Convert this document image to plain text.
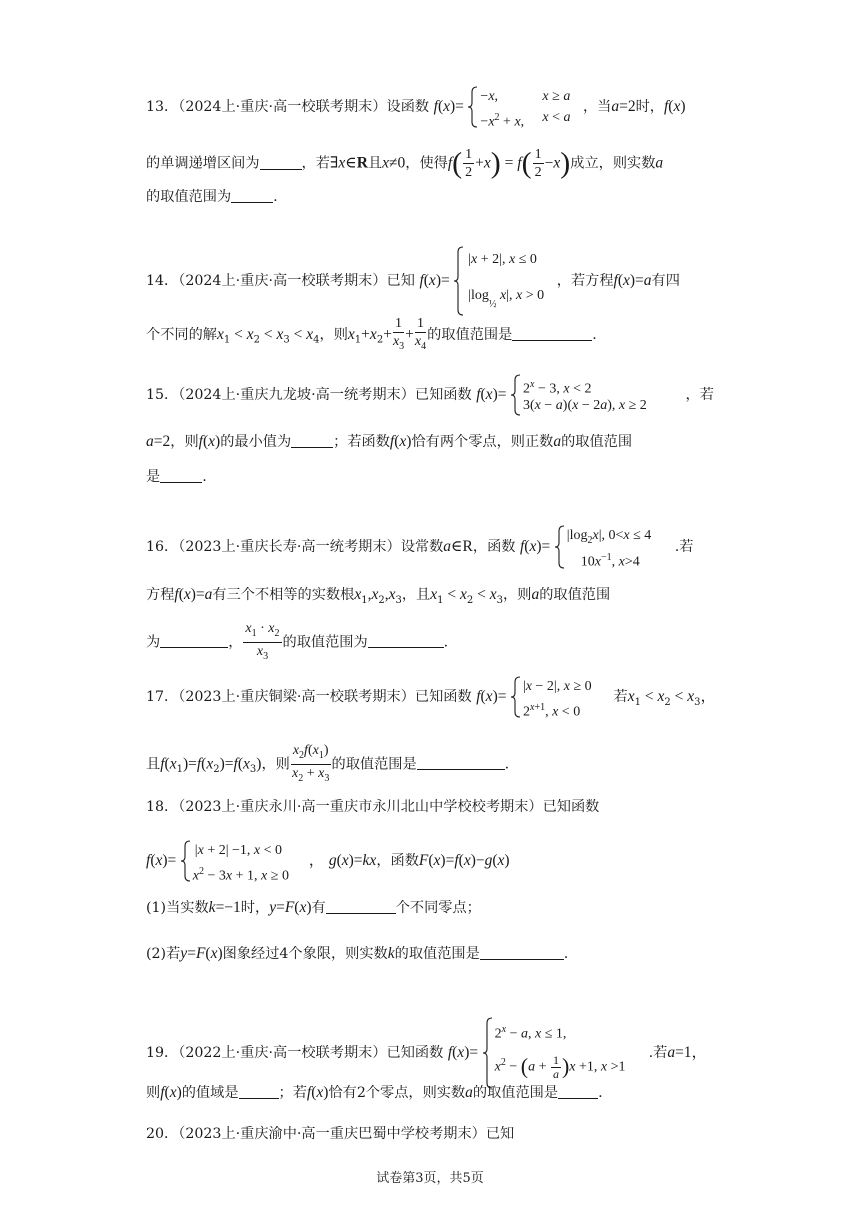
13．（2024上·重庆·高一校联考期末）设函数 f(x)=
−x,	x ≥ a
$-x^2 + x$, x < a
，当a=2时，f(x)
的单调递增区间为	，若∃x∈R且x≠0，使得$f( \frac{1}{2} +x) = f( \frac{1}{2} -x)$成立，则实数a
的取值范围为	.
14．（2024上·重庆·高一校联考期末）已知 f(x)=
|x + 2|, x ≤ 0
$|\log_{\frac{1}{2}}$ x|, x > 0
，若方程f(x)=a有四
个不同的解$x_1 < x_2 < x_3 < x_4$，则$x_1+x_2+ \frac{1}{x_3} + \frac{1}{x_4}$ 的取值范围是	.
15．（2024上·重庆九龙坡·高一统考期末）已知函数 $f(x)= 2^x - 3$, x < 2
3(x − a)(x − 2a), x ≥ 2
，若
a=2，则f(x)的最小值为	；若函数f(x)恰有两个零点，则正数a的取值范围
是	.
16．（2023上·重庆长寿·高一统考期末）设常数a∈R，函数 f(x)=
$|\log_2x|$, 0<x ≤ 4
$10x^{-1}$, x>4
.若
方程f(x)=a有三个不相等的实数根$x_1,x_2,x_3$，且$x_1 < x_2 < x_3$，则a的取值范围
为	， $\frac{x_1 \cdot x_2}{x_3}$ 的取值范围为	.
17．（2023上·重庆铜梁·高一校联考期末）已知函数 f(x)=
|x − 2|, x ≥ 0
$2^{x+1}$, x < 0
若$x_1 < x_2 < x_3$，
且$f(x_1)=f(x_2)=f(x_3)$，则 $\frac{x_2f(x_1)}{x_2 + x_3}$ 的取值范围是	.
18．（2023上·重庆永川·高一重庆市永川北山中学校校考期末）已知函数
f(x)=
|x + 2| −1, x < 0
$x^2 - 3x + 1$, x ≥ 0
， g(x)=kx，函数F(x)=f(x)−g(x)
(1)当实数k=−1时，y=F(x)有	个不同零点；
(2)若y=F(x)图象经过4个象限，则实数k的取值范围是	.
19．（2022上·重庆·高一校联考期末）已知函数 f(x)=
$2^x - a$, x ≤ 1,
$x^2 - (a + \frac{1}{a} )x +1$, x >1
.若a=1，
则f(x)的值域是	；若f(x)恰有2个零点，则实数a的取值范围是	.
20．（2023上·重庆渝中·高一重庆巴蜀中学校考期末）已知
试卷第3页，共5页
